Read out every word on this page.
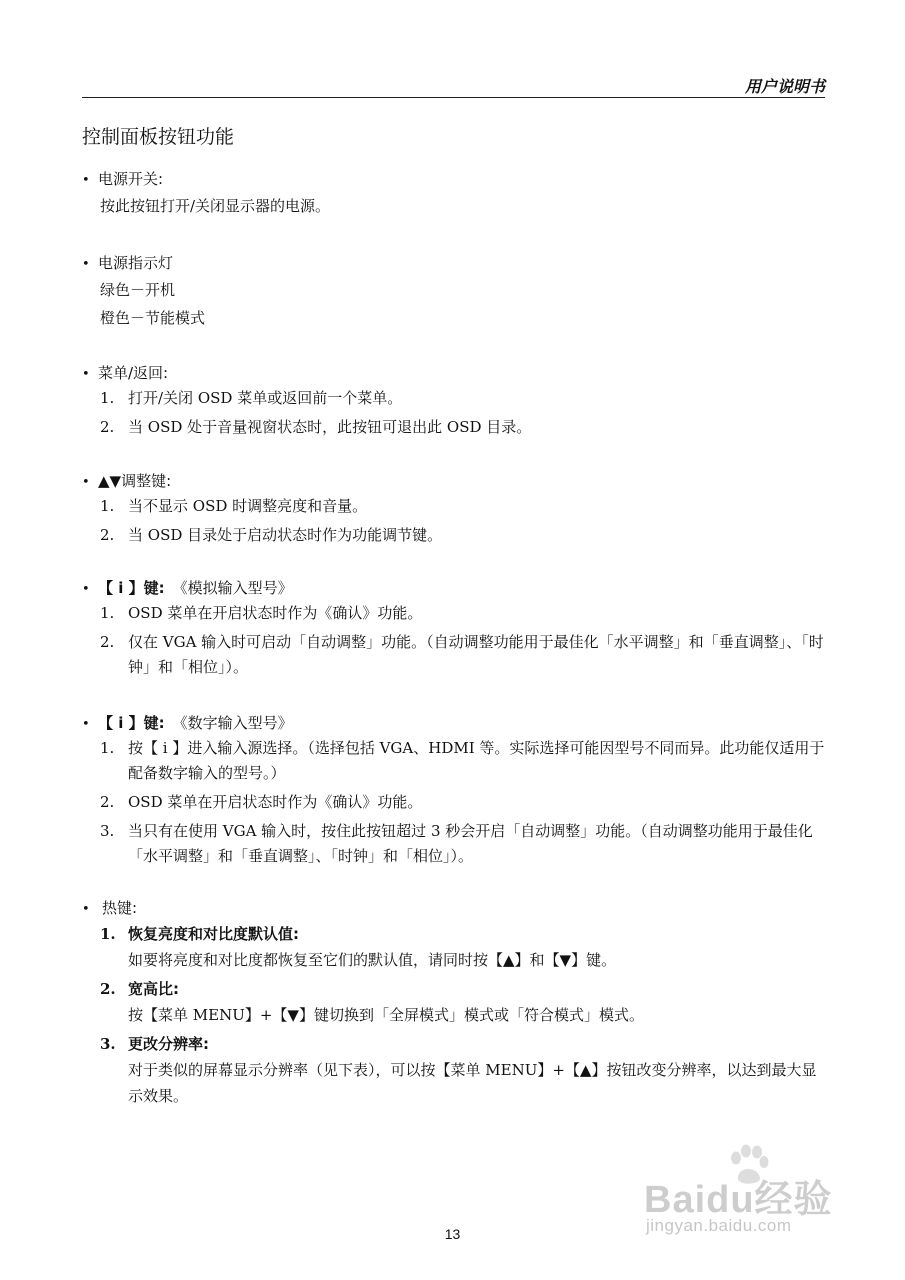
用户说明书
控制面板按钮功能
• 电源开关:
按此按钮打开/关闭显示器的电源。
• 电源指示灯
绿色－开机
橙色－节能模式
• 菜单/返回:
1. 打开/关闭 OSD 菜单或返回前一个菜单。
2. 当 OSD 处于音量视窗状态时，此按钮可退出此 OSD 目录。
• ▲▼调整键:
1. 当不显示 OSD 时调整亮度和音量。
2. 当 OSD 目录处于启动状态时作为功能调节键。
• 【 i 】键: 《模拟输入型号》
1. OSD 菜单在开启状态时作为《确认》功能。
2. 仅在 VGA 输入时可启动「自动调整」功能。（自动调整功能用于最佳化「水平调整」和「垂直调整」、「时钟」和「相位」）。
• 【 i 】键: 《数字输入型号》
1. 按【 i 】进入输入源选择。（选择包括 VGA、HDMI 等。实际选择可能因型号不同而异。此功能仅适用于配备数字输入的型号。）
2. OSD 菜单在开启状态时作为《确认》功能。
3. 当只有在使用 VGA 输入时，按住此按钮超过 3 秒会开启「自动调整」功能。（自动调整功能用于最佳化「水平调整」和「垂直调整」、「时钟」和「相位」）。
• 热键:
1. 恢复亮度和对比度默认值:
如要将亮度和对比度都恢复至它们的默认值，请同时按【▲】和【▼】键。
2. 宽高比:
按【菜单 MENU】+【▼】键切换到「全屏模式」模式或「符合模式」模式。
3. 更改分辨率:
对于类似的屏幕显示分辨率（见下表），可以按【菜单 MENU】+【▲】按钮改变分辨率，以达到最大显示效果。
Baidu经验
jingyan.baidu.com
13
